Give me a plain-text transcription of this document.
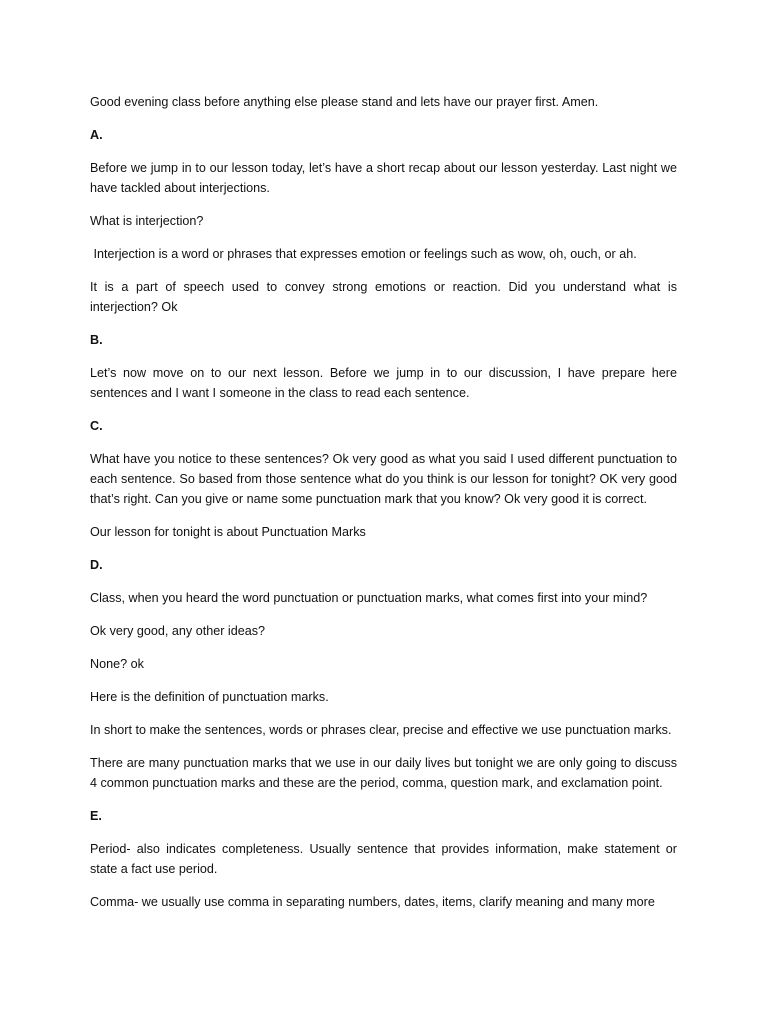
Good evening class before anything else please stand and lets have our prayer first. Amen.

A.

Before we jump in to our lesson today, let’s have a short recap about our lesson yesterday. Last night we have tackled about interjections.

What is interjection?

Interjection is a word or phrases that expresses emotion or feelings such as wow, oh, ouch, or ah.

It is a part of speech used to convey strong emotions or reaction. Did you understand what is interjection? Ok

B.

Let’s now move on to our next lesson. Before we jump in to our discussion, I have prepare here sentences and I want I someone in the class to read each sentence.

C.

What have you notice to these sentences? Ok very good as what you said I used different punctuation to each sentence. So based from those sentence what do you think is our lesson for tonight? OK very good that’s right. Can you give or name some punctuation mark that you know? Ok very good it is correct.

Our lesson for tonight is about Punctuation Marks

D.

Class, when you heard the word punctuation or punctuation marks, what comes first into your mind?

Ok very good, any other ideas?

None? ok

Here is the definition of punctuation marks.

In short to make the sentences, words or phrases clear, precise and effective we use punctuation marks.

There are many punctuation marks that we use in our daily lives but tonight we are only going to discuss 4 common punctuation marks and these are the period, comma, question mark, and exclamation point.

E.

Period- also indicates completeness. Usually sentence that provides information, make statement or state a fact use period.

Comma- we usually use comma in separating numbers, dates, items, clarify meaning and many more
